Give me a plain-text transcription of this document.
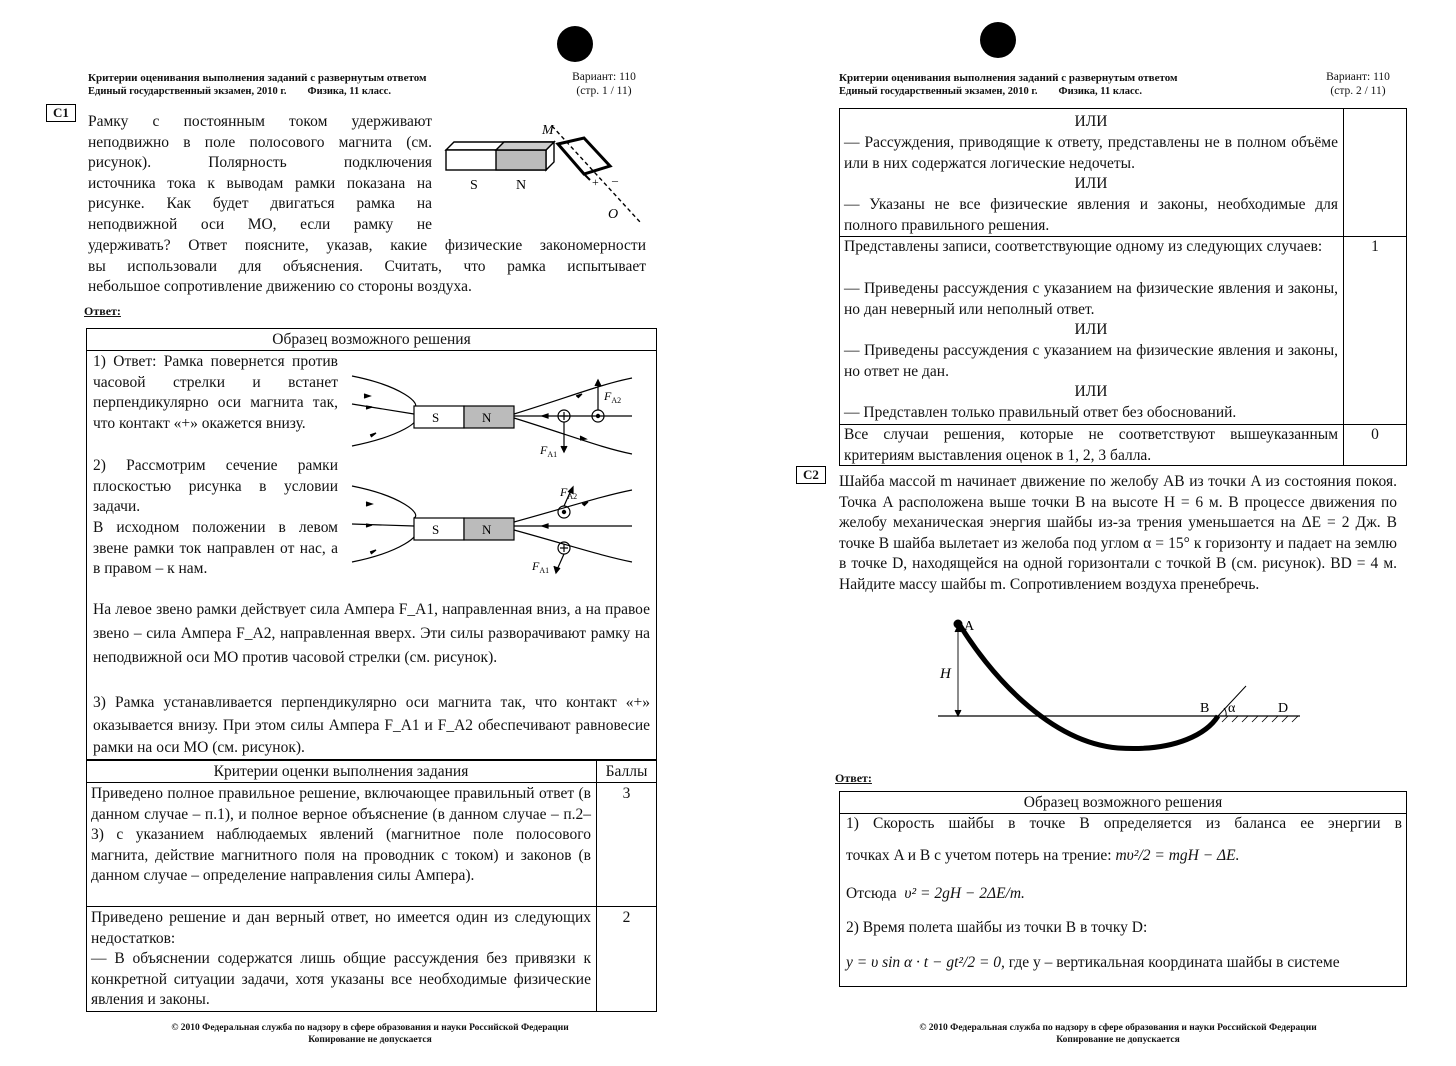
Критерии оценивания выполнения заданий с развернутым ответом
Единый государственный экзамен, 2010 г. Физика, 11 класс.
Вариант: 110
(стр. 1 / 11)
C1
Рамку с постоянным током удерживают
неподвижно в поле полосового магнита (см.
рисунок). Полярность подключения
источника тока к выводам рамки показана на
рисунке. Как будет двигаться рамка на
неподвижной оси MO, если рамку не
удерживать? Ответ поясните, указав, какие физические закономерности
вы использовали для объяснения. Считать, что рамка испытывает
небольшое сопротивление движению со стороны воздуха.
M
O
S	N	+ –
Ответ:
Образец возможного решения
1) Ответ: Рамка повернется против часовой стрелки и встанет перпендикулярно оси магнита так, что контакт «+» окажется внизу.
2) Рассмотрим сечение рамки плоскостью рисунка в условии задачи.
В исходном положении в левом звене рамки ток направлен от нас, а в правом – к нам.
S	N
S	N
$F_{A2}$
$F_{A1}$
$F_{A2}$
$F_{A1}$
На левое звено рамки действует сила Ампера F_A1, направленная вниз, а на правое звено – сила Ампера F_A2, направленная вверх. Эти силы разворачивают рамку на неподвижной оси MO против часовой стрелки (см. рисунок).
3) Рамка устанавливается перпендикулярно оси магнита так, что контакт «+» оказывается внизу. При этом силы Ампера F_A1 и F_A2 обеспечивают равновесие рамки на оси MO (см. рисунок).
Критерии оценки выполнения задания	Баллы
Приведено полное правильное решение, включающее правильный ответ (в данном случае – п.1), и полное верное объяснение (в данном случае – п.2–3) с указанием наблюдаемых явлений (магнитное поле полосового магнита, действие магнитного поля на проводник с током) и законов (в данном случае – определение направления силы Ампера).
3
Приведено решение и дан верный ответ, но имеется один из следующих недостатков:
— В объяснении содержатся лишь общие рассуждения без привязки к конкретной ситуации задачи, хотя указаны все необходимые физические явления и законы.
2
© 2010 Федеральная служба по надзору в сфере образования и науки Российской Федерации
Копирование не допускается
Критерии оценивания выполнения заданий с развернутым ответом
Единый государственный экзамен, 2010 г. Физика, 11 класс.
Вариант: 110
(стр. 2 / 11)
ИЛИ
— Рассуждения, приводящие к ответу, представлены не в полном объёме или в них содержатся логические недочеты.
ИЛИ
— Указаны не все физические явления и законы, необходимые для полного правильного решения.
Представлены записи, соответствующие одному из следующих случаев:	1
— Приведены рассуждения с указанием на физические явления и законы, но дан неверный или неполный ответ.
ИЛИ
— Приведены рассуждения с указанием на физические явления и законы, но ответ не дан.
ИЛИ
— Представлен только правильный ответ без обоснований.
Все случаи решения, которые не соответствуют вышеуказанным критериям выставления оценок в 1, 2, 3 балла.
0
C2	Шайба массой m начинает движение по желобу AB из точки A из состояния покоя. Точка A расположена выше точки B на высоте H = 6 м. В процессе движения по желобу механическая энергия шайбы из-за трения уменьшается на ΔE = 2 Дж. В точке B шайба вылетает из желоба под углом α = 15° к горизонту и падает на землю в точке D, находящейся на одной горизонтали с точкой B (см. рисунок). BD = 4 м. Найдите массу шайбы m. Сопротивлением воздуха пренебречь.
A
H
B α	D
Ответ:
Образец возможного решения
1) Скорость шайбы в точке B определяется из баланса ее энергии в
точках A и B с учетом потерь на трение: mυ²/2 = mgH − ΔE.
Отсюда υ² = 2gH − 2ΔE/m.
2) Время полета шайбы из точки B в точку D:
y = υ sin α · t − gt²/2 = 0, где y – вертикальная координата шайбы в системе
© 2010 Федеральная служба по надзору в сфере образования и науки Российской Федерации
Копирование не допускается
